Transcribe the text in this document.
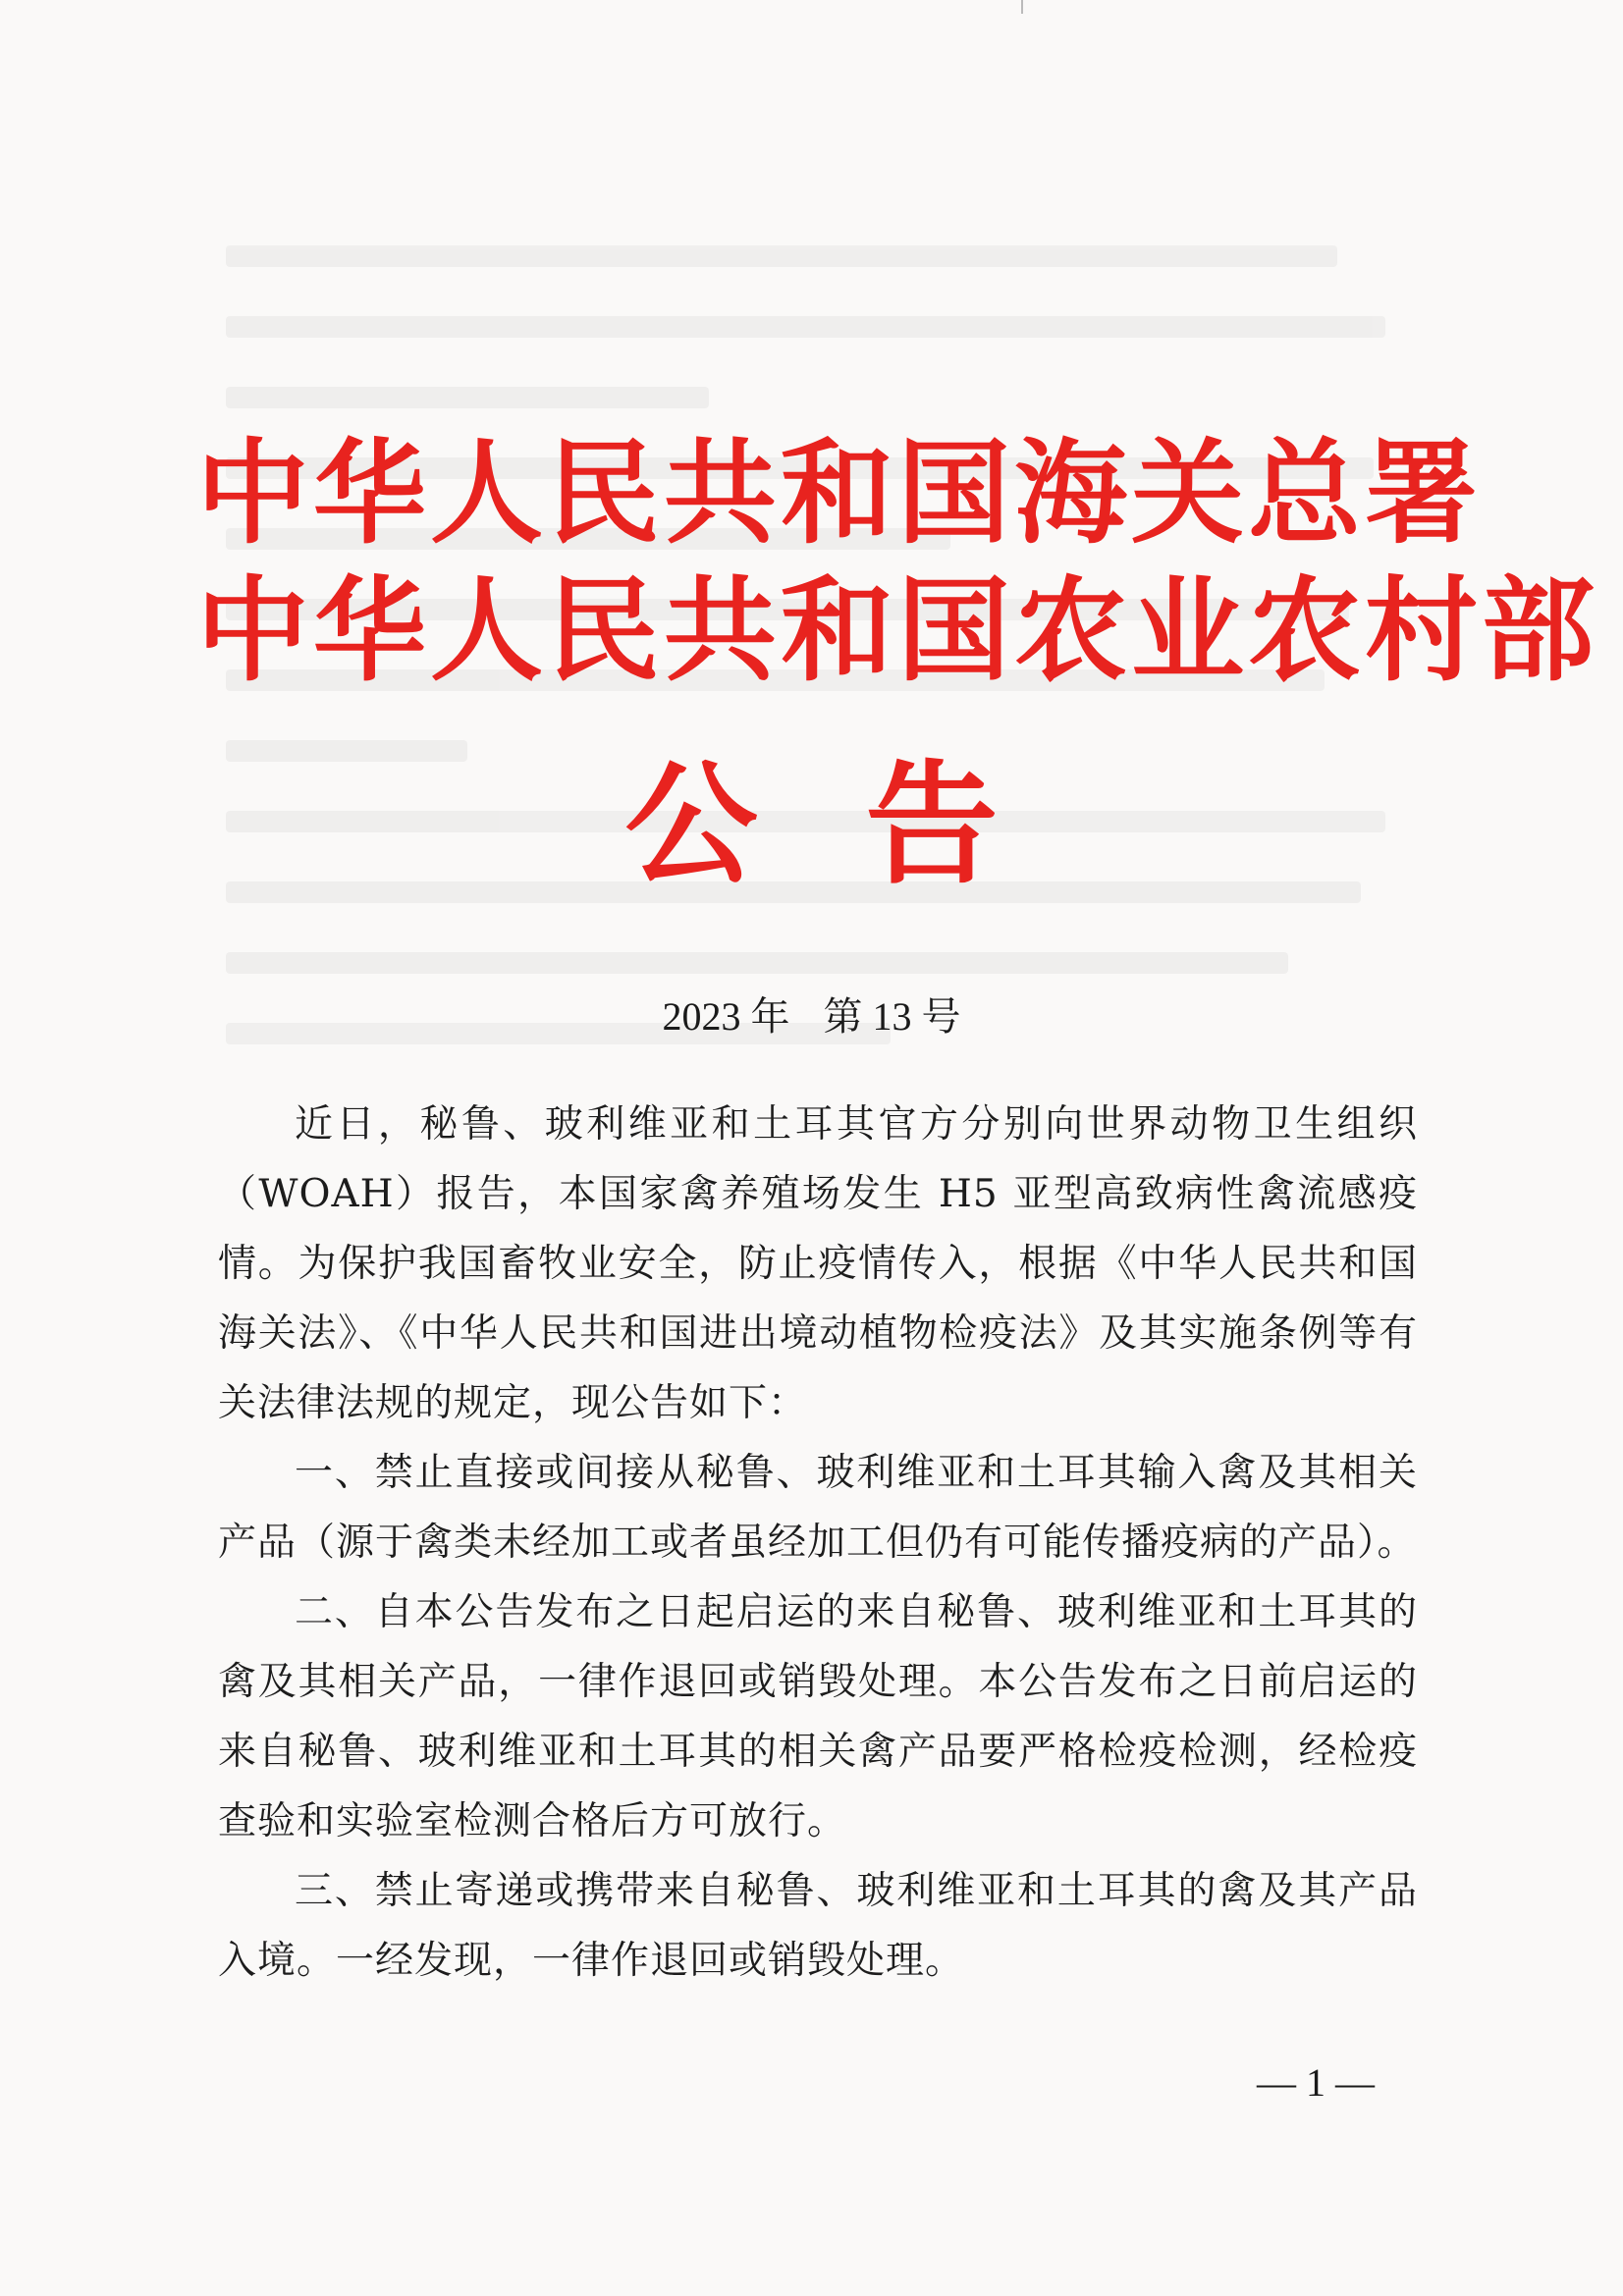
中华人民共和国海关总署
中华人民共和国农业农村部
公告
2023 年 第 13 号

近日，秘鲁、玻利维亚和土耳其官方分别向世界动物卫生组织（WOAH）报告，本国家禽养殖场发生 H5 亚型高致病性禽流感疫情。为保护我国畜牧业安全，防止疫情传入，根据《中华人民共和国海关法》、《中华人民共和国进出境动植物检疫法》及其实施条例等有关法律法规的规定，现公告如下：

一、禁止直接或间接从秘鲁、玻利维亚和土耳其输入禽及其相关产品（源于禽类未经加工或者虽经加工但仍有可能传播疫病的产品）。

二、自本公告发布之日起启运的来自秘鲁、玻利维亚和土耳其的禽及其相关产品，一律作退回或销毁处理。本公告发布之日前启运的来自秘鲁、玻利维亚和土耳其的相关禽产品要严格检疫检测，经检疫查验和实验室检测合格后方可放行。

三、禁止寄递或携带来自秘鲁、玻利维亚和土耳其的禽及其产品入境。一经发现，一律作退回或销毁处理。

— 1 —
